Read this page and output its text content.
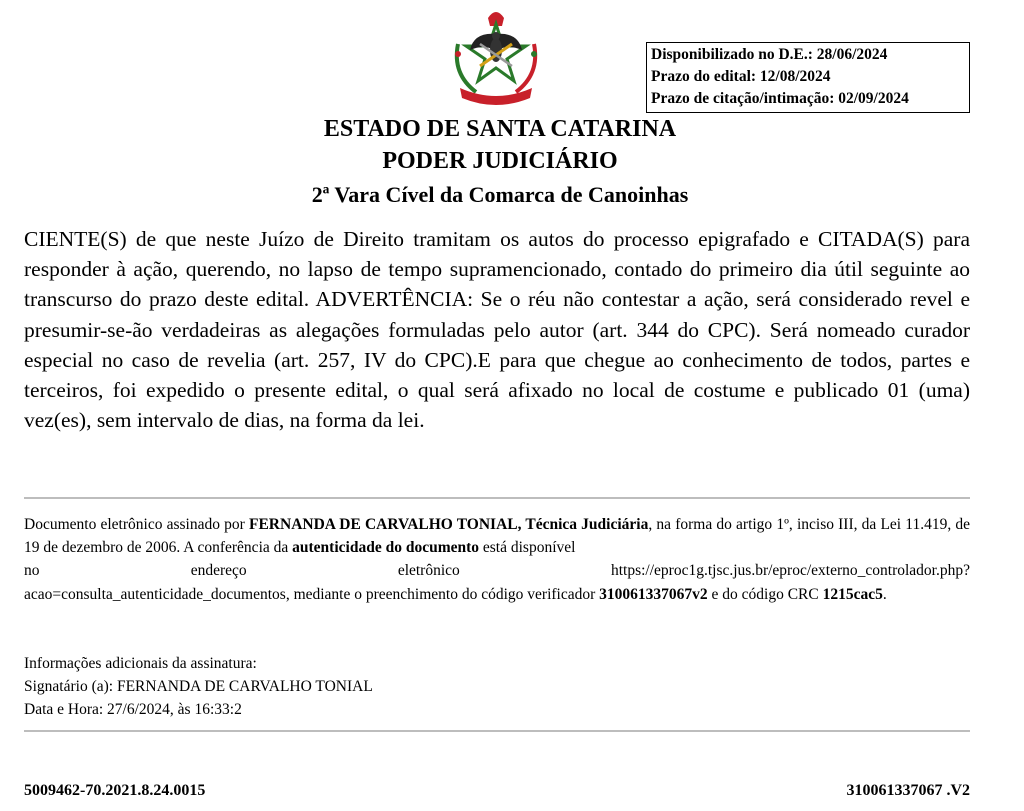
Disponibilizado no D.E.: 28/06/2024
Prazo do edital: 12/08/2024
Prazo de citação/intimação: 02/09/2024
ESTADO DE SANTA CATARINA
PODER JUDICIÁRIO
2ª Vara Cível da Comarca de Canoinhas

CIENTE(S) de que neste Juízo de Direito tramitam os autos do processo epigrafado e CITADA(S) para responder à ação, querendo, no lapso de tempo supramencionado, contado do primeiro dia útil seguinte ao transcurso do prazo deste edital. ADVERTÊNCIA: Se o réu não contestar a ação, será considerado revel e presumir-se-ão verdadeiras as alegações formuladas pelo autor (art. 344 do CPC). Será nomeado curador especial no caso de revelia (art. 257, IV do CPC).E para que chegue ao conhecimento de todos, partes e terceiros, foi expedido o presente edital, o qual será afixado no local de costume e publicado 01 (uma) vez(es), sem intervalo de dias, na forma da lei.

Documento eletrônico assinado por FERNANDA DE CARVALHO TONIAL, Técnica Judiciária, na forma do artigo 1º, inciso III, da Lei 11.419, de 19 de dezembro de 2006. A conferência da autenticidade do documento está disponível
no	endereço	eletrônico	https://eproc1g.tjsc.jus.br/eproc/externo_controlador.php?
acao=consulta_autenticidade_documentos, mediante o preenchimento do código verificador 310061337067v2 e do código CRC 1215cac5.
Informações adicionais da assinatura:
Signatário (a): FERNANDA DE CARVALHO TONIAL
Data e Hora: 27/6/2024, às 16:33:2
5009462-70.2021.8.24.0015	310061337067 .V2
